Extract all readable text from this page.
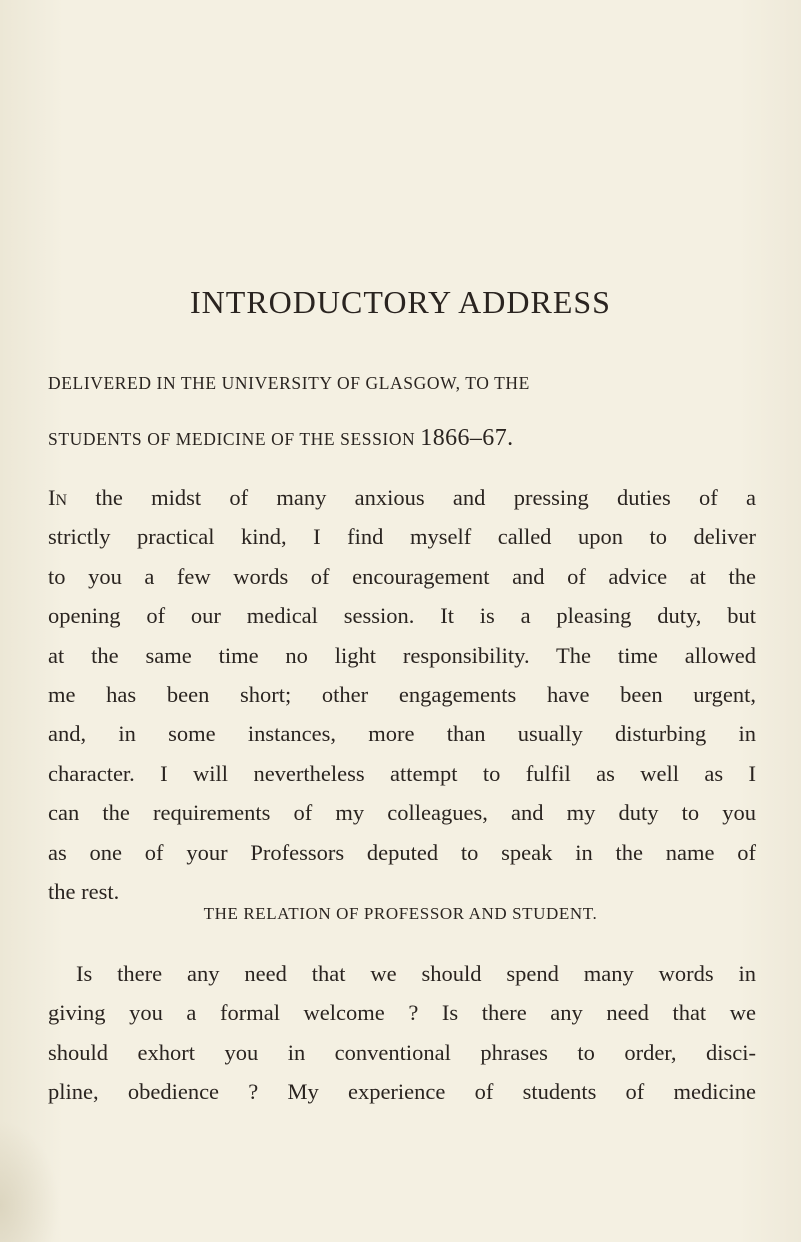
INTRODUCTORY ADDRESS
DELIVERED IN THE UNIVERSITY OF GLASGOW, TO THE
STUDENTS OF MEDICINE OF THE SESSION 1866–67.
In the midst of many anxious and pressing duties of a
strictly practical kind, I find myself called upon to deliver
to you a few words of encouragement and of advice at the
opening of our medical session. It is a pleasing duty, but
at the same time no light responsibility. The time allowed
me has been short; other engagements have been urgent,
and, in some instances, more than usually disturbing in
character. I will nevertheless attempt to fulfil as well as I
can the requirements of my colleagues, and my duty to you
as one of your Professors deputed to speak in the name of
the rest.
THE RELATION OF PROFESSOR AND STUDENT.
Is there any need that we should spend many words in
giving you a formal welcome ? Is there any need that we
should exhort you in conventional phrases to order, disci-
pline, obedience ? My experience of students of medicine
